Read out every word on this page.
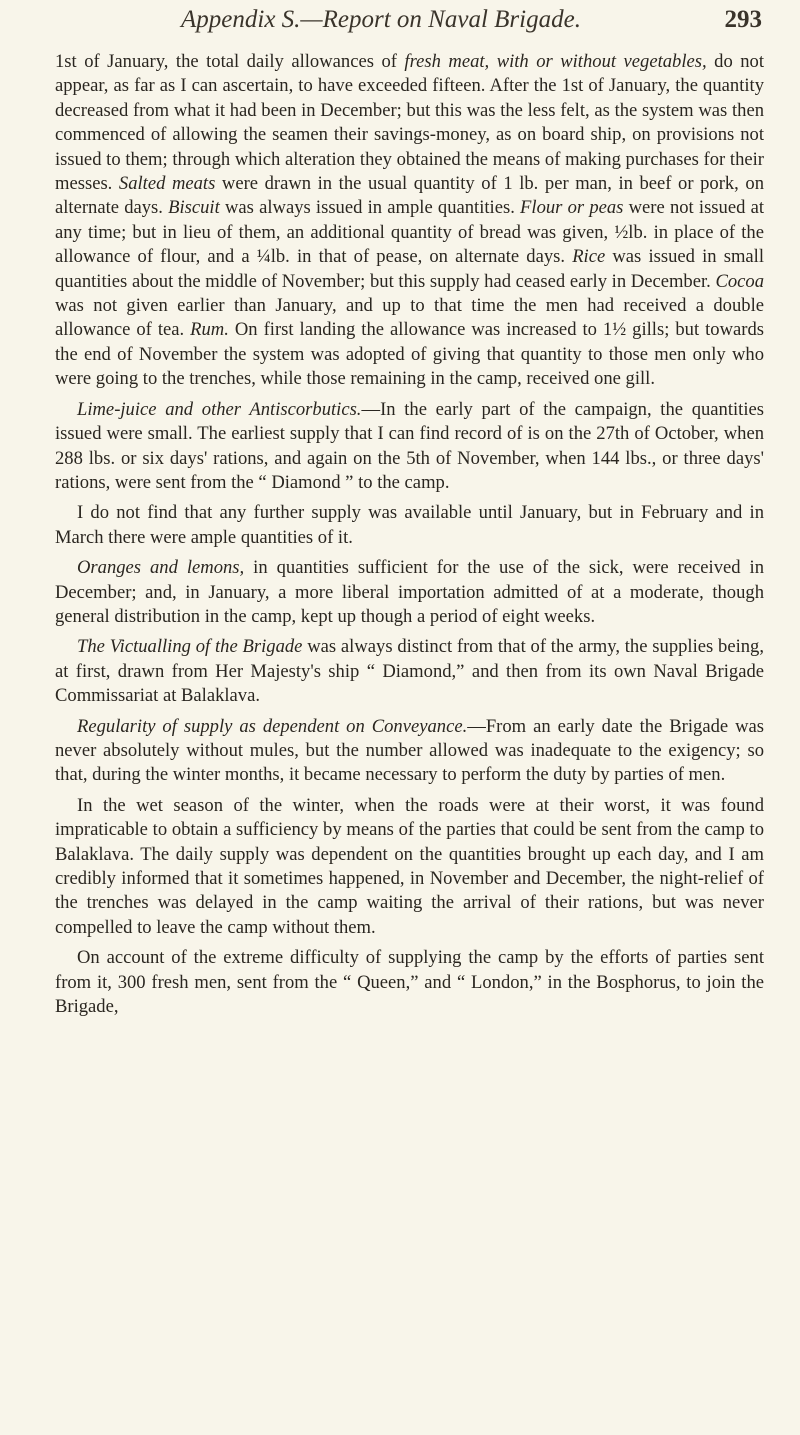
Appendix S.—Report on Naval Brigade.	293

1st of January, the total daily allowances of fresh meat, with or without vegetables, do not appear, as far as I can ascertain, to have exceeded fifteen. After the 1st of January, the quantity decreased from what it had been in December; but this was the less felt, as the system was then commenced of allowing the seamen their savings-money, as on board ship, on provisions not issued to them; through which alteration they obtained the means of making purchases for their messes. Salted meats were drawn in the usual quantity of 1 lb. per man, in beef or pork, on alternate days. Biscuit was always issued in ample quantities. Flour or peas were not issued at any time; but in lieu of them, an additional quantity of bread was given, ½lb. in place of the allowance of flour, and a ¼lb. in that of pease, on alternate days. Rice was issued in small quantities about the middle of November; but this supply had ceased early in December. Cocoa was not given earlier than January, and up to that time the men had received a double allowance of tea. Rum. On first landing the allowance was increased to 1½ gills; but towards the end of November the system was adopted of giving that quantity to those men only who were going to the trenches, while those remaining in the camp, received one gill.

Lime-juice and other Antiscorbutics.—In the early part of the campaign, the quantities issued were small. The earliest supply that I can find record of is on the 27th of October, when 288 lbs. or six days' rations, and again on the 5th of November, when 144 lbs., or three days' rations, were sent from the “ Diamond ” to the camp.

I do not find that any further supply was available until January, but in February and in March there were ample quantities of it.

Oranges and lemons, in quantities sufficient for the use of the sick, were received in December; and, in January, a more liberal importation admitted of at a moderate, though general distribution in the camp, kept up though a period of eight weeks.

The Victualling of the Brigade was always distinct from that of the army, the supplies being, at first, drawn from Her Majesty's ship “ Diamond,” and then from its own Naval Brigade Commissariat at Balaklava.

Regularity of supply as dependent on Conveyance.—From an early date the Brigade was never absolutely without mules, but the number allowed was inadequate to the exigency; so that, during the winter months, it became necessary to perform the duty by parties of men.

In the wet season of the winter, when the roads were at their worst, it was found impraticable to obtain a sufficiency by means of the parties that could be sent from the camp to Balaklava. The daily supply was dependent on the quantities brought up each day, and I am credibly informed that it sometimes happened, in November and December, the night-relief of the trenches was delayed in the camp waiting the arrival of their rations, but was never compelled to leave the camp without them.

On account of the extreme difficulty of supplying the camp by the efforts of parties sent from it, 300 fresh men, sent from the “ Queen,” and “ London,” in the Bosphorus, to join the Brigade,
